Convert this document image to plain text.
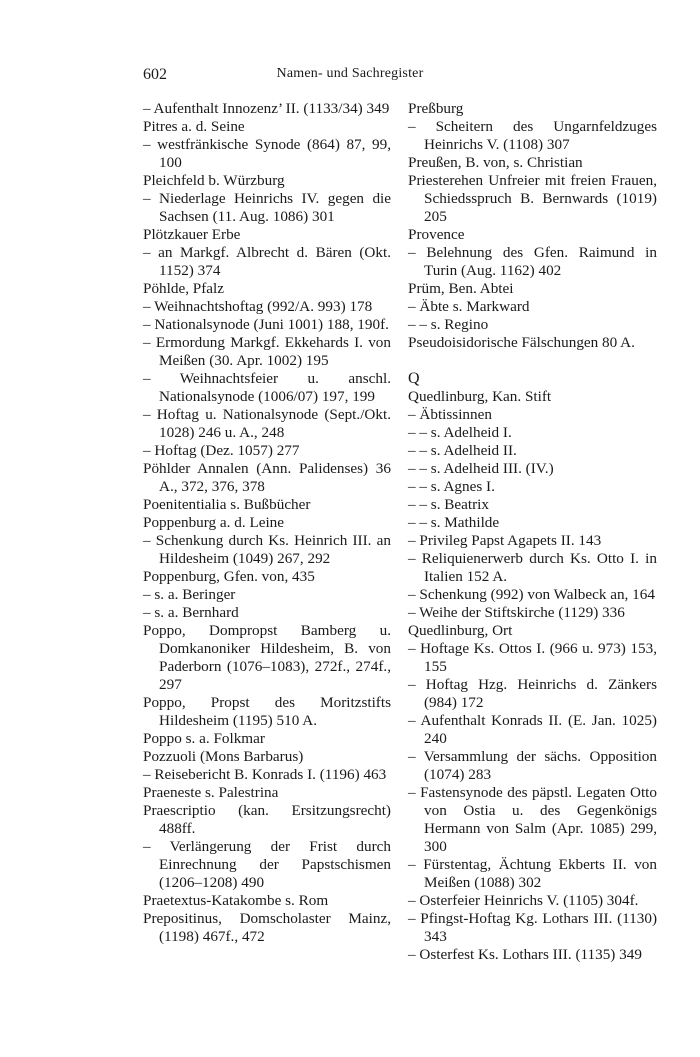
602	Namen- und Sachregister
– Aufenthalt Innozenz’ II. (1133/34) 349
Pitres a. d. Seine
– westfränkische Synode (864) 87, 99, 100
Pleichfeld b. Würzburg
– Niederlage Heinrichs IV. gegen die Sachsen (11. Aug. 1086) 301
Plötzkauer Erbe
– an Markgf. Albrecht d. Bären (Okt. 1152) 374
Pöhlde, Pfalz
– Weihnachtshoftag (992/A. 993) 178
– Nationalsynode (Juni 1001) 188, 190f.
– Ermordung Markgf. Ekkehards I. von Meißen (30. Apr. 1002) 195
– Weihnachtsfeier u. anschl. Nationalsynode (1006/07) 197, 199
– Hoftag u. Nationalsynode (Sept./Okt. 1028) 246 u. A., 248
– Hoftag (Dez. 1057) 277
Pöhlder Annalen (Ann. Palidenses) 36 A., 372, 376, 378
Poenitentialia s. Bußbücher
Poppenburg a. d. Leine
– Schenkung durch Ks. Heinrich III. an Hildesheim (1049) 267, 292
Poppenburg, Gfen. von, 435
– s. a. Beringer
– s. a. Bernhard
Poppo, Dompropst Bamberg u. Domkanoniker Hildesheim, B. von Paderborn (1076–1083), 272f., 274f., 297
Poppo, Propst des Moritzstifts Hildesheim (1195) 510 A.
Poppo s. a. Folkmar
Pozzuoli (Mons Barbarus)
– Reisebericht B. Konrads I. (1196) 463
Praeneste s. Palestrina
Praescriptio (kan. Ersitzungsrecht) 488ff.
– Verlängerung der Frist durch Einrechnung der Papstschismen (1206–1208) 490
Praetextus-Katakombe s. Rom
Prepositinus, Domscholaster Mainz, (1198) 467f., 472
Preßburg
– Scheitern des Ungarnfeldzuges Heinrichs V. (1108) 307
Preußen, B. von, s. Christian
Priesterehen Unfreier mit freien Frauen, Schiedsspruch B. Bernwards (1019) 205
Provence
– Belehnung des Gfen. Raimund in Turin (Aug. 1162) 402
Prüm, Ben. Abtei
– Äbte s. Markward
– – s. Regino
Pseudoisidorische Fälschungen 80 A.
Q
Quedlinburg, Kan. Stift
– Äbtissinnen
– – s. Adelheid I.
– – s. Adelheid II.
– – s. Adelheid III. (IV.)
– – s. Agnes I.
– – s. Beatrix
– – s. Mathilde
– Privileg Papst Agapets II. 143
– Reliquienerwerb durch Ks. Otto I. in Italien 152 A.
– Schenkung (992) von Walbeck an, 164
– Weihe der Stiftskirche (1129) 336
Quedlinburg, Ort
– Hoftage Ks. Ottos I. (966 u. 973) 153, 155
– Hoftag Hzg. Heinrichs d. Zänkers (984) 172
– Aufenthalt Konrads II. (E. Jan. 1025) 240
– Versammlung der sächs. Opposition (1074) 283
– Fastensynode des päpstl. Legaten Otto von Ostia u. des Gegenkönigs Hermann von Salm (Apr. 1085) 299, 300
– Fürstentag, Ächtung Ekberts II. von Meißen (1088) 302
– Osterfeier Heinrichs V. (1105) 304f.
– Pfingst-Hoftag Kg. Lothars III. (1130) 343
– Osterfest Ks. Lothars III. (1135) 349
